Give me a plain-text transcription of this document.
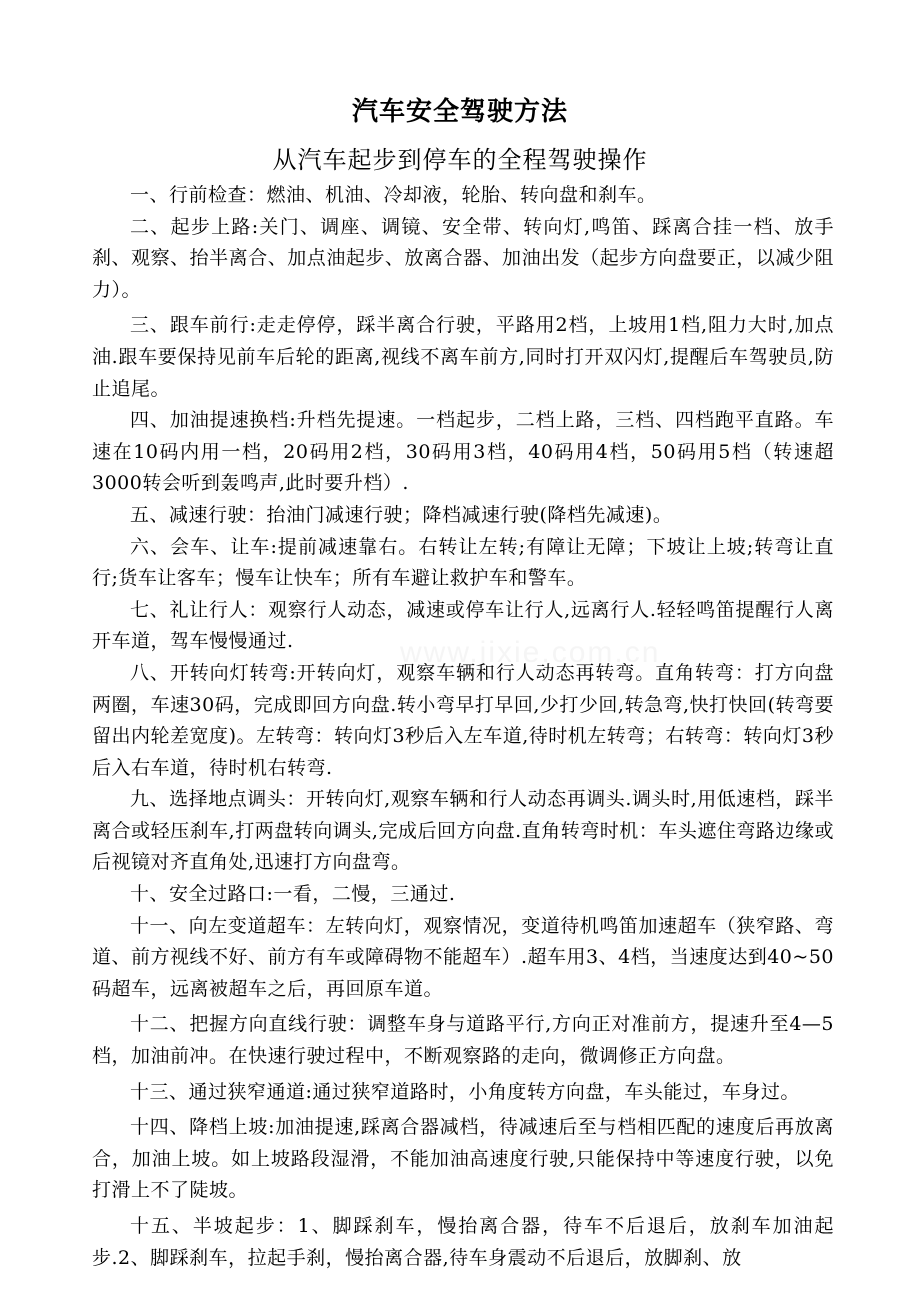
汽车安全驾驶方法
从汽车起步到停车的全程驾驶操作
www.jixie.com.cn

一、行前检查：燃油、机油、冷却液，轮胎、转向盘和刹车。

二、起步上路:关门、调座、调镜、安全带、转向灯,鸣笛、踩离合挂一档、放手刹、观察、抬半离合、加点油起步、放离合器、加油出发（起步方向盘要正，以减少阻力）。

三、跟车前行:走走停停，踩半离合行驶，平路用2档，上坡用1档,阻力大时,加点油.跟车要保持见前车后轮的距离,视线不离车前方,同时打开双闪灯,提醒后车驾驶员,防止追尾。

四、加油提速换档:升档先提速。一档起步，二档上路，三档、四档跑平直路。车速在10码内用一档，20码用2档，30码用3档，40码用4档，50码用5档（转速超3000转会听到轰鸣声,此时要升档）.

五、减速行驶：抬油门减速行驶；降档减速行驶(降档先减速)。

六、会车、让车:提前减速靠右。右转让左转;有障让无障；下坡让上坡;转弯让直行;货车让客车；慢车让快车；所有车避让救护车和警车。

七、礼让行人：观察行人动态，减速或停车让行人,远离行人.轻轻鸣笛提醒行人离开车道，驾车慢慢通过.

八、开转向灯转弯:开转向灯，观察车辆和行人动态再转弯。直角转弯：打方向盘两圈，车速30码，完成即回方向盘.转小弯早打早回,少打少回,转急弯,快打快回(转弯要留出内轮差宽度)。左转弯：转向灯3秒后入左车道,待时机左转弯；右转弯：转向灯3秒后入右车道，待时机右转弯.

九、选择地点调头：开转向灯,观察车辆和行人动态再调头.调头时,用低速档，踩半离合或轻压刹车,打两盘转向调头,完成后回方向盘.直角转弯时机：车头遮住弯路边缘或后视镜对齐直角处,迅速打方向盘弯。

十、安全过路口:一看，二慢，三通过.

十一、向左变道超车：左转向灯，观察情况，变道待机鸣笛加速超车（狭窄路、弯道、前方视线不好、前方有车或障碍物不能超车）.超车用3、4档，当速度达到40~50码超车，远离被超车之后，再回原车道。

十二、把握方向直线行驶：调整车身与道路平行,方向正对准前方，提速升至4—5档，加油前冲。在快速行驶过程中，不断观察路的走向，微调修正方向盘。

十三、通过狭窄通道:通过狭窄道路时，小角度转方向盘，车头能过，车身过。

十四、降档上坡:加油提速,踩离合器减档，待减速后至与档相匹配的速度后再放离合，加油上坡。如上坡路段湿滑，不能加油高速度行驶,只能保持中等速度行驶，以免打滑上不了陡坡。

十五、半坡起步：1、脚踩刹车，慢抬离合器，待车不后退后，放刹车加油起步.2、脚踩刹车，拉起手刹，慢抬离合器,待车身震动不后退后，放脚刹、放
